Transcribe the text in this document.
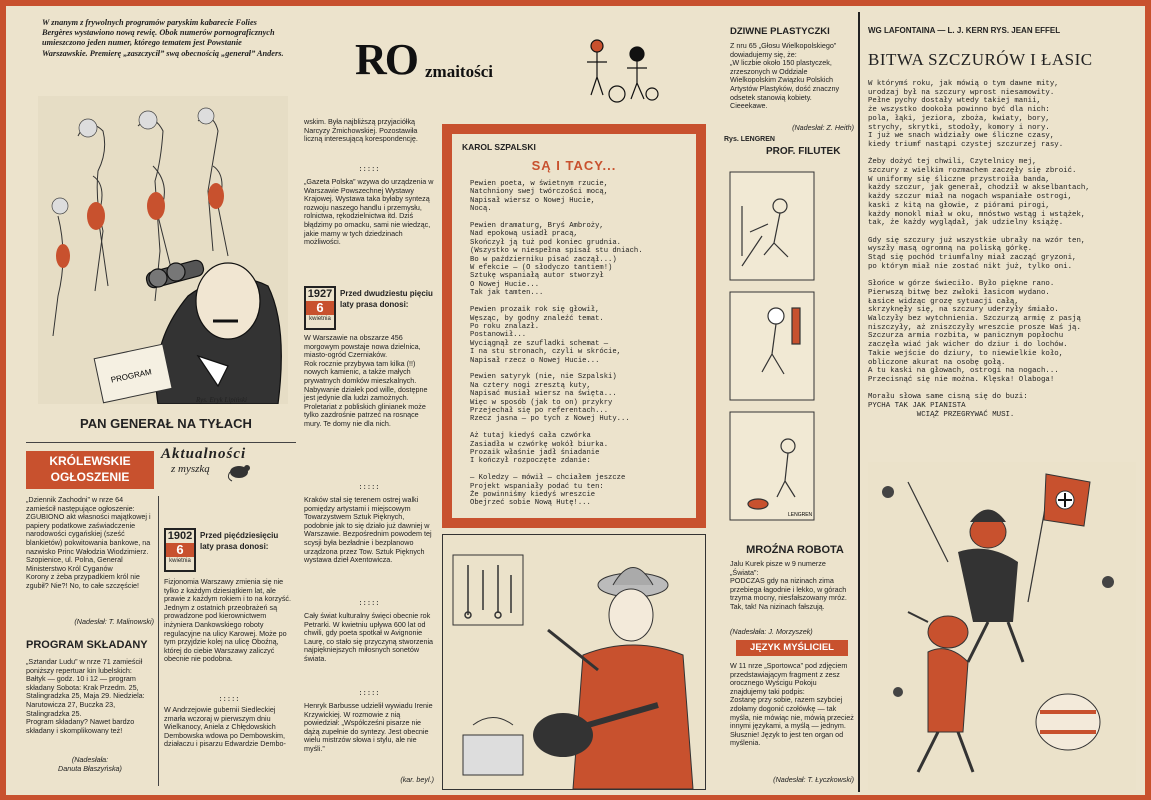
W znanym z frywolnych programów paryskim kabarecie Folies Bergères wystawiono nową rewię. Obok numerów pornograficznych umieszczono jeden numer, którego tematem jest Powstanie Warszawskie. Premierę „zaszczycił” swą obecnością „generał” Anders.
PROGRAM
Rys. Eryk Lipiński
PAN GENERAŁ NA TYŁACH
KRÓLEWSKIE
OGŁOSZENIE
Aktualności
z myszką
„Dziennik Zachodni” w nrze 64 zamieścił następujące ogłoszenie:
ZGUBIONO akt własności majątkowej i papiery podatkowe zaświadczenie narodowości cygańskiej (sześć blankietów) pokwitowania bankowe, na nazwisko Princ Wałodzia Wiodzimierz. Szopienice, ul. Polna, General Ministerstwo Król Cyganów
Korony z żeba przypadkiem król nie zgubił? Nie?! No, to całe szczęście!
(Nadesłał: T. Malinowski)
PROGRAM SKŁADANY
„Sztandar Ludu” w nrze 71 zamieścił poniższy repertuar kin lubelskich:
Bałtyk — godz. 10 i 12 — program składany Sobota: Krak Przedm. 25, Stalingradzka 25, Maja 29. Niedziela: Narutowicza 27, Buczka 23, Stalingradzka 25.
Program składany? Nawet bardzo składany i skomplikowany też!
(Nadesłała:
Danuta Błaszyńska)
1902
6
kwietnia
Przed pięćdziesięciu laty prasa donosi:
Fizjonomia Warszawy zmienia się nie tylko z każdym dziesiątkiem lat, ale prawie z każdym rokiem i to na korzyść. Jednym z ostatnich przeobrażeń są prowadzone pod kierownictwem inżyniera Dankowskiego roboty regulacyjne na ulicy Karowej. Może po tym przyjdzie kolej na ulicę Oboźną, której do ciebie Warszawy zaliczyć obecnie nie podobna.
:::::
W Andrzejowie gubernii Siedleckiej zmarła wczoraj w pierwszym dniu Wielkanocy, Aniela z Chłędowskich Dembowska wdowa po Dembowskim, działaczu i pisarzu Edwardzie Dembo-
RO zmaitości
wskim. Była najbliższą przyjaciółką Narcyzy Żmichowskiej. Pozostawiła liczną interesującą korespondencję.
:::::
„Gazeta Polska” wzywa do urządzenia w Warszawie Powszechnej Wystawy Krajowej. Wystawa taka byłaby syntezą rozwoju naszego handlu i przemysłu, rolnictwa, rękodzielnictwa itd. Dziś błądzimy po omacku, sami nie wiedząc, jakie mamy w tych dziedzinach możliwości.
1927
6
kwietnia
Przed dwudziestu pięciu laty prasa donosi:
W Warszawie na obszarze 456 morgowym powstaje nowa dzielnica, miasto-ogród Czerniaków.
Rok rocznie przybywa tam kilka (!!) nowych kamienic, a także małych prywatnych domków mieszkalnych.
Nabywanie działek pod wille, dostępne jest jedynie dla ludzi zamożnych. Proletariat z pobliskich glinianek może tylko zazdrośnie patrzeć na rosnące mury. Te domy nie dla nich.
:::::
Kraków stał się terenem ostrej walki pomiędzy artystami i miejscowym Towarzystwem Sztuk Pięknych, podobnie jak to się działo już dawniej w Warszawie. Bezpośrednim powodem tej scysji była bezładnie i bezplanowo urządzona przez Tow. Sztuk Pięknych wystawa dzieł Axentowicza.
:::::
Cały świat kulturalny święci obecnie rok Petrarki. W kwietniu upływa 600 lat od chwili, gdy poeta spotkał w Avignonie Laurę, co stało się przyczyną stworzenia najpiękniejszych miłosnych sonetów świata.
:::::
Henryk Barbusse udzielił wywiadu Irenie Krzywickiej. W rozmowie z nią powiedział: „Współcześni pisarze nie dążą zupełnie do syntezy. Jest obecnie wielu mistrzów słowa i stylu, ale nie myśli.”
(kar. beyl.)
KAROL SZPALSKI
SĄ I TACY...
Pewien poeta, w świetnym rzucie,
Natchniony swej twórczości mocą,
Napisał wiersz o Nowej Hucie,
Nocą.

Pewien dramaturg, Bryś Ambroży,
Nad epokową usiadł pracą,
Skończył ją tuż pod koniec grudnia.
(Wszystko w niespełna spisał stu dniach.
Bo w październiku pisać zaczął...)
W efekcie — (O słodyczo tantiem!)
Sztukę wspaniałą autor stworzył
O Nowej Hucie...
Tak jak tamten...

Pewien prozaik rok się głowił,
Węsząc, by godny znaleźć temat.
Po roku znalazł.
Postanowił...
Wyciągnął ze szufladki schemat —
I na stu stronach, czyli w skrócie,
Napisał rzecz o Nowej Hucie...

Pewien satyryk (nie, nie Szpalski)
Na cztery nogi zresztą kuty,
Napisać musiał wiersz na święta...
Więc w sposób (jak to on) przykry
Przejechał się po referentach...
Rzecz jasna — po tych z Nowej Huty...

Aż tutaj kiedyś cała czwórka
Zasiadła w czwórkę wokół biurka.
Prozaik właśnie jadł śniadanie
I kończył rozpoczęte zdanie:

— Koledzy — mówił — chciałem jeszcze
Projekt wspaniały podać tu ten:
Że powinniśmy kiedyś wreszcie
Obejrzeć sobie Nową Hutę!...
DZIWNE PLASTYCZKI
Z nru 65 „Głosu Wielkopolskiego” dowiadujemy się, że:
„W liczbie około 150 plastyczek, zrzeszonych w Oddziale Wielkopolskim Związku Polskich Artystów Plastyków, dość znaczny odsetek stanowią kobiety.
Cieeekawe.
(Nadesłał: Z. Heith)
Rys. LENGREN
PROF. FILUTEK
LENGREN
MROŹNA ROBOTA
Jalu Kurek pisze w 9 numerze „Świata”:
PODCZAS gdy na nizinach zima przebiega łagodnie i lekko, w górach trzyma mocny, niesfałszowany mróz.
Tak, tak! Na nizinach fałszują.
(Nadesłała: J. Morzyszek)
JĘZYK MYŚLICIEL
W 11 nrze „Sportowca” pod zdjęciem przedstawiającym fragment z zesz orocznego Wyścigu Pokoju znajdujemy taki podpis:
Zostanę przy sobie, razem szybciej zdołamy dogonić czołówkę — tak myśla, nie mówiąc nie, mówią przecież innymi językami, a myślą — jednym.
Słusznie! Język to jest ten organ od myślenia.
(Nadesłał: T. Łyczkowski)
WG LAFONTAINA — L. J. KERN RYS. JEAN EFFEL
BITWA SZCZURÓW I ŁASIC
W którymś roku, jak mówią o tym dawne mity,
urodzaj był na szczury wprost niesamowity.
Pełne pychy dostały wtedy takiej manii,
że wszystko dookoła powinno być dla nich:
pola, łąki, jeziora, zboża, kwiaty, bory,
strychy, skrytki, stodoły, komory i nory.
I już we snach widziały owe śliczne czasy,
kiedy triumf nastąpi czystej szczurzej rasy.

Żeby dożyć tej chwili, Czytelnicy mej,
szczury z wielkim rozmachem zaczęły się zbroić.
W uniformy się śliczne przystroiła banda,
każdy szczur, jak generał, chodził w akselbantach,
każdy szczur miał na nogach wspaniałe ostrogi,
kaski z kitą na głowie, z piórami pirogi,
każdy monokl miał w oku, mnóstwo wstąg i wstążek,
tak, że każdy wyglądał, jak udzielny książę.

Gdy się szczury już wszystkie ubrały na wzór ten,
wyszły masą ogromną na poliską górkę.
Stąd się pochód triumfalny miał zacząć gryzoni,
po którym miał nie zostać nikt już, tylko oni.

Słońce w górze świeciło. Było piękne rano.
Pierwszą bitwę bez zwłoki łasicom wydano.
Łasice widząc grozę sytuacji całą,
skrzyknęły się, na szczury uderzyły śmiało.
Walczyły bez wytchnienia. Szczurzą armię z pasją
niszczyły, aż zniszczyły wreszcie prosze Waś ją.
Szczurza armia rozbita, w panicznym popłochu
zaczęła wiać jak wicher do dziur i do lochów.
Takie wejście do dziury, to niewielkie koło,
obliczone akurat na osobę gołą.
A tu kaski na głowach, ostrogi na nogach...
Przecisnąć się nie można. Klęska! Olaboga!

Morału słowa same cisną się do buzi:
PYCHA TAK JAK PIANISTA
WCIĄŻ PRZEGRYWAĆ MUSI.
